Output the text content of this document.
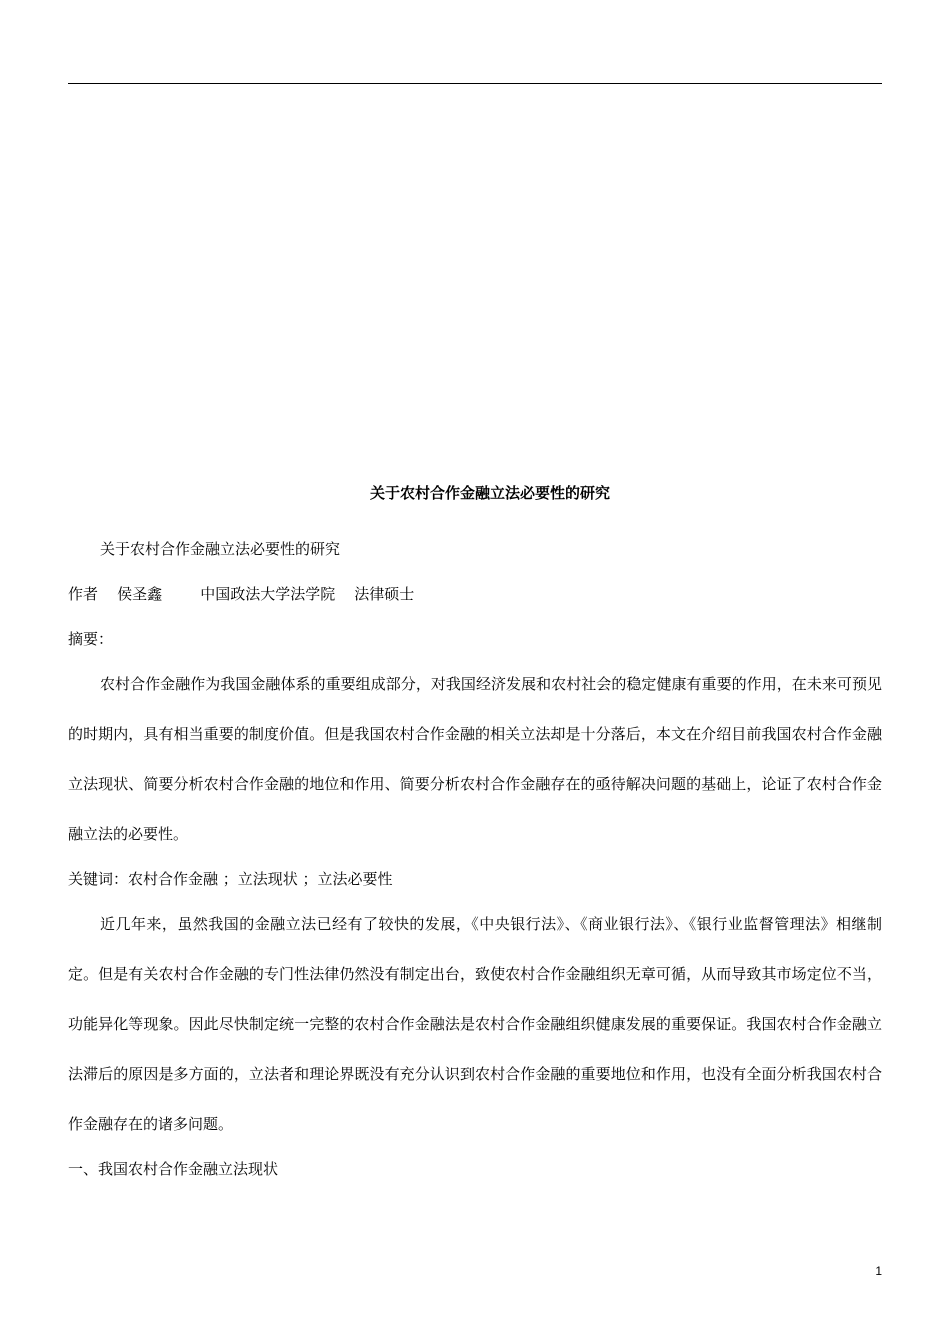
关于农村合作金融立法必要性的研究
关于农村合作金融立法必要性的研究
作者    侯圣鑫        中国政法大学法学院    法律硕士
摘要：
农村合作金融作为我国金融体系的重要组成部分，对我国经济发展和农村社会的稳定健康有重要的作用，在未来可预见的时期内，具有相当重要的制度价值。但是我国农村合作金融的相关立法却是十分落后，本文在介绍目前我国农村合作金融立法现状、简要分析农村合作金融的地位和作用、简要分析农村合作金融存在的亟待解决问题的基础上，论证了农村合作金融立法的必要性。
关键词：农村合作金融 ；立法现状 ；立法必要性
近几年来，虽然我国的金融立法已经有了较快的发展，《中央银行法》、《商业银行法》、《银行业监督管理法》相继制定。但是有关农村合作金融的专门性法律仍然没有制定出台，致使农村合作金融组织无章可循，从而导致其市场定位不当，功能异化等现象。因此尽快制定统一完整的农村合作金融法是农村合作金融组织健康发展的重要保证。我国农村合作金融立法滞后的原因是多方面的，立法者和理论界既没有充分认识到农村合作金融的重要地位和作用，也没有全面分析我国农村合作金融存在的诸多问题。
一、我国农村合作金融立法现状
1
